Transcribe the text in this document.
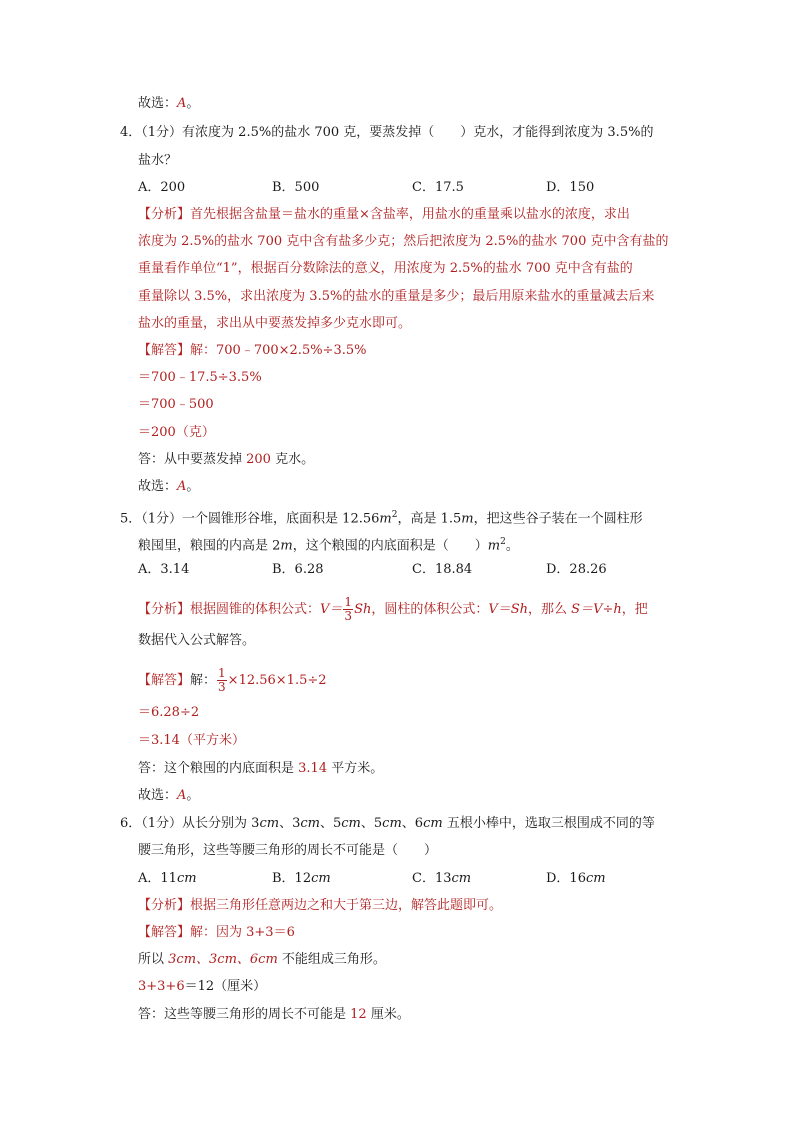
故选：A。
4．（1分）有浓度为 2.5%的盐水 700 克，要蒸发掉（　　）克水，才能得到浓度为 3.5%的
盐水？
A．200	B．500	C．17.5	D．150
【分析】首先根据含盐量＝盐水的重量×含盐率，用盐水的重量乘以盐水的浓度，求出
浓度为 2.5%的盐水 700 克中含有盐多少克；然后把浓度为 2.5%的盐水 700 克中含有盐的
重量看作单位“1”，根据百分数除法的意义，用浓度为 2.5%的盐水 700 克中含有盐的
重量除以 3.5%，求出浓度为 3.5%的盐水的重量是多少；最后用原来盐水的重量减去后来
盐水的重量，求出从中要蒸发掉多少克水即可。
【解答】解：700﹣700×2.5%÷3.5%
＝700﹣17.5÷3.5%
＝700﹣500
＝200（克）
答：从中要蒸发掉 200 克水。
故选：A。
5．（1分）一个圆锥形谷堆，底面积是 $12.56m^2$，高是 1.5m，把这些谷子装在一个圆柱形
粮囤里，粮囤的内高是 2m，这个粮囤的内底面积是（　　）$m^2$。
A．3.14	B．6.28	C．18.84	D．28.26
【分析】根据圆锥的体积公式：$V= \frac{1}{3}$ Sh，圆柱的体积公式：V＝Sh，那么 S＝V÷h，把
数据代入公式解答。
【解答】解： $\frac{1}{3} \times 12.56\times 1.5\div 2$
＝6.28÷2
＝3.14（平方米）
答：这个粮囤的内底面积是 3.14 平方米。
故选：A。
6．（1分）从长分别为 3cm、3cm、5cm、5cm、6cm 五根小棒中，选取三根围成不同的等
腰三角形，这些等腰三角形的周长不可能是（　　）
A．11cm	B．12cm	C．13cm	D．16cm
【分析】根据三角形任意两边之和大于第三边，解答此题即可。
【解答】解：因为 3+3＝6
所以 3cm、3cm、6cm 不能组成三角形。
3+3+6＝12（厘米）
答：这些等腰三角形的周长不可能是 12 厘米。
